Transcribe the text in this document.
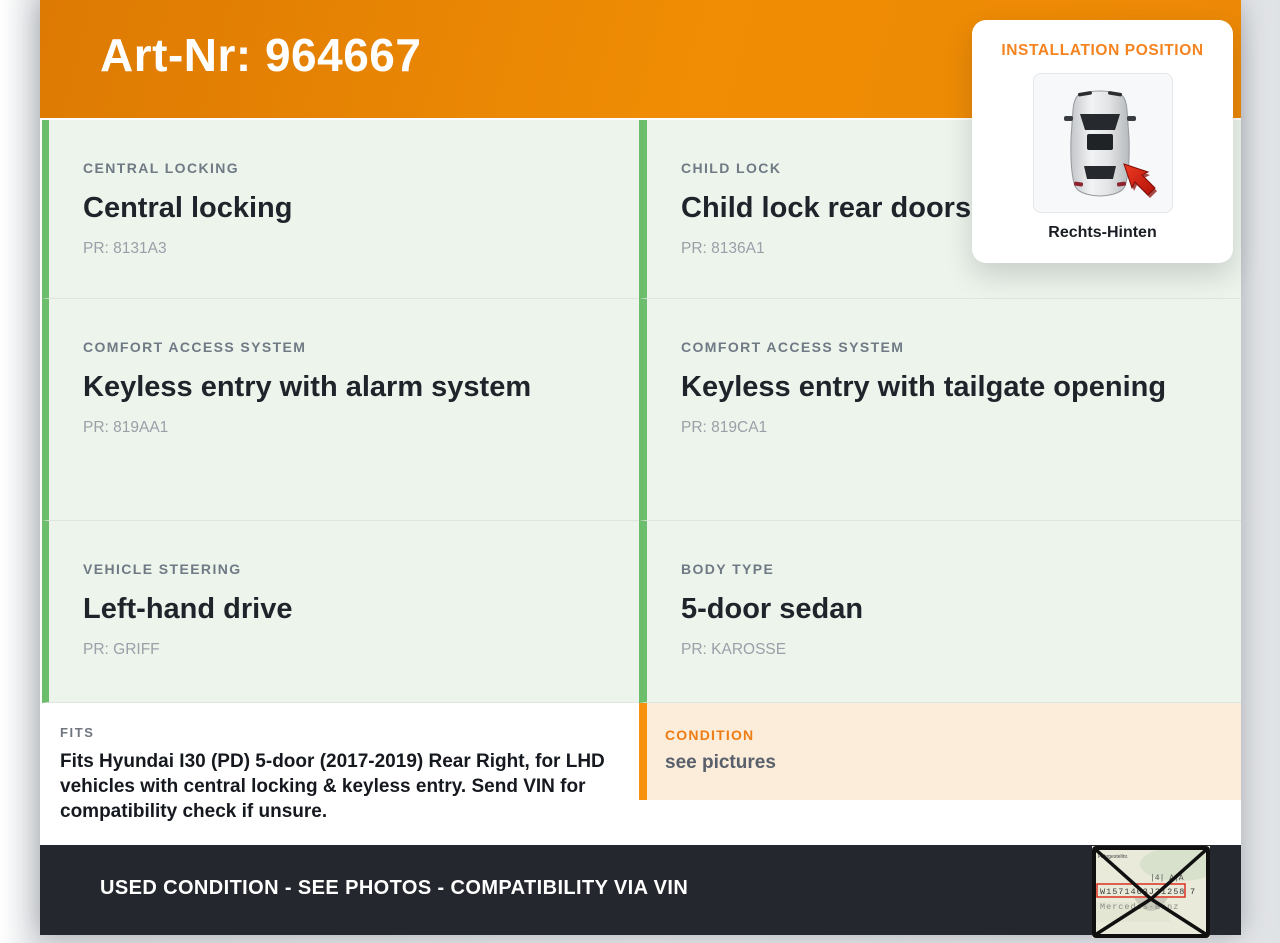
Art-Nr: 964667
CENTRAL LOCKING
Central locking
PR: 8131A3
CHILD LOCK
Child lock rear doors
PR: 8136A1
COMFORT ACCESS SYSTEM
Keyless entry with alarm system
PR: 819AA1
COMFORT ACCESS SYSTEM
Keyless entry with tailgate opening
PR: 819CA1
VEHICLE STEERING
Left-hand drive
PR: GRIFF
BODY TYPE
5-door sedan
PR: KAROSSE
FITS

Fits Hyundai I30 (PD) 5-door (2017-2019) Rear Right, for LHD vehicles with central locking & keyless entry. Send VIN for compatibility check if unsure.

CONDITION
see pictures
USED CONDITION - SEE PHOTOS - COMPATIBILITY VIA VIN
INSTALLATION POSITION
Rechts-Hinten
Fahrgestellnr.
|4| A|A
W1571463J31258 7
Mercedes-Benz
